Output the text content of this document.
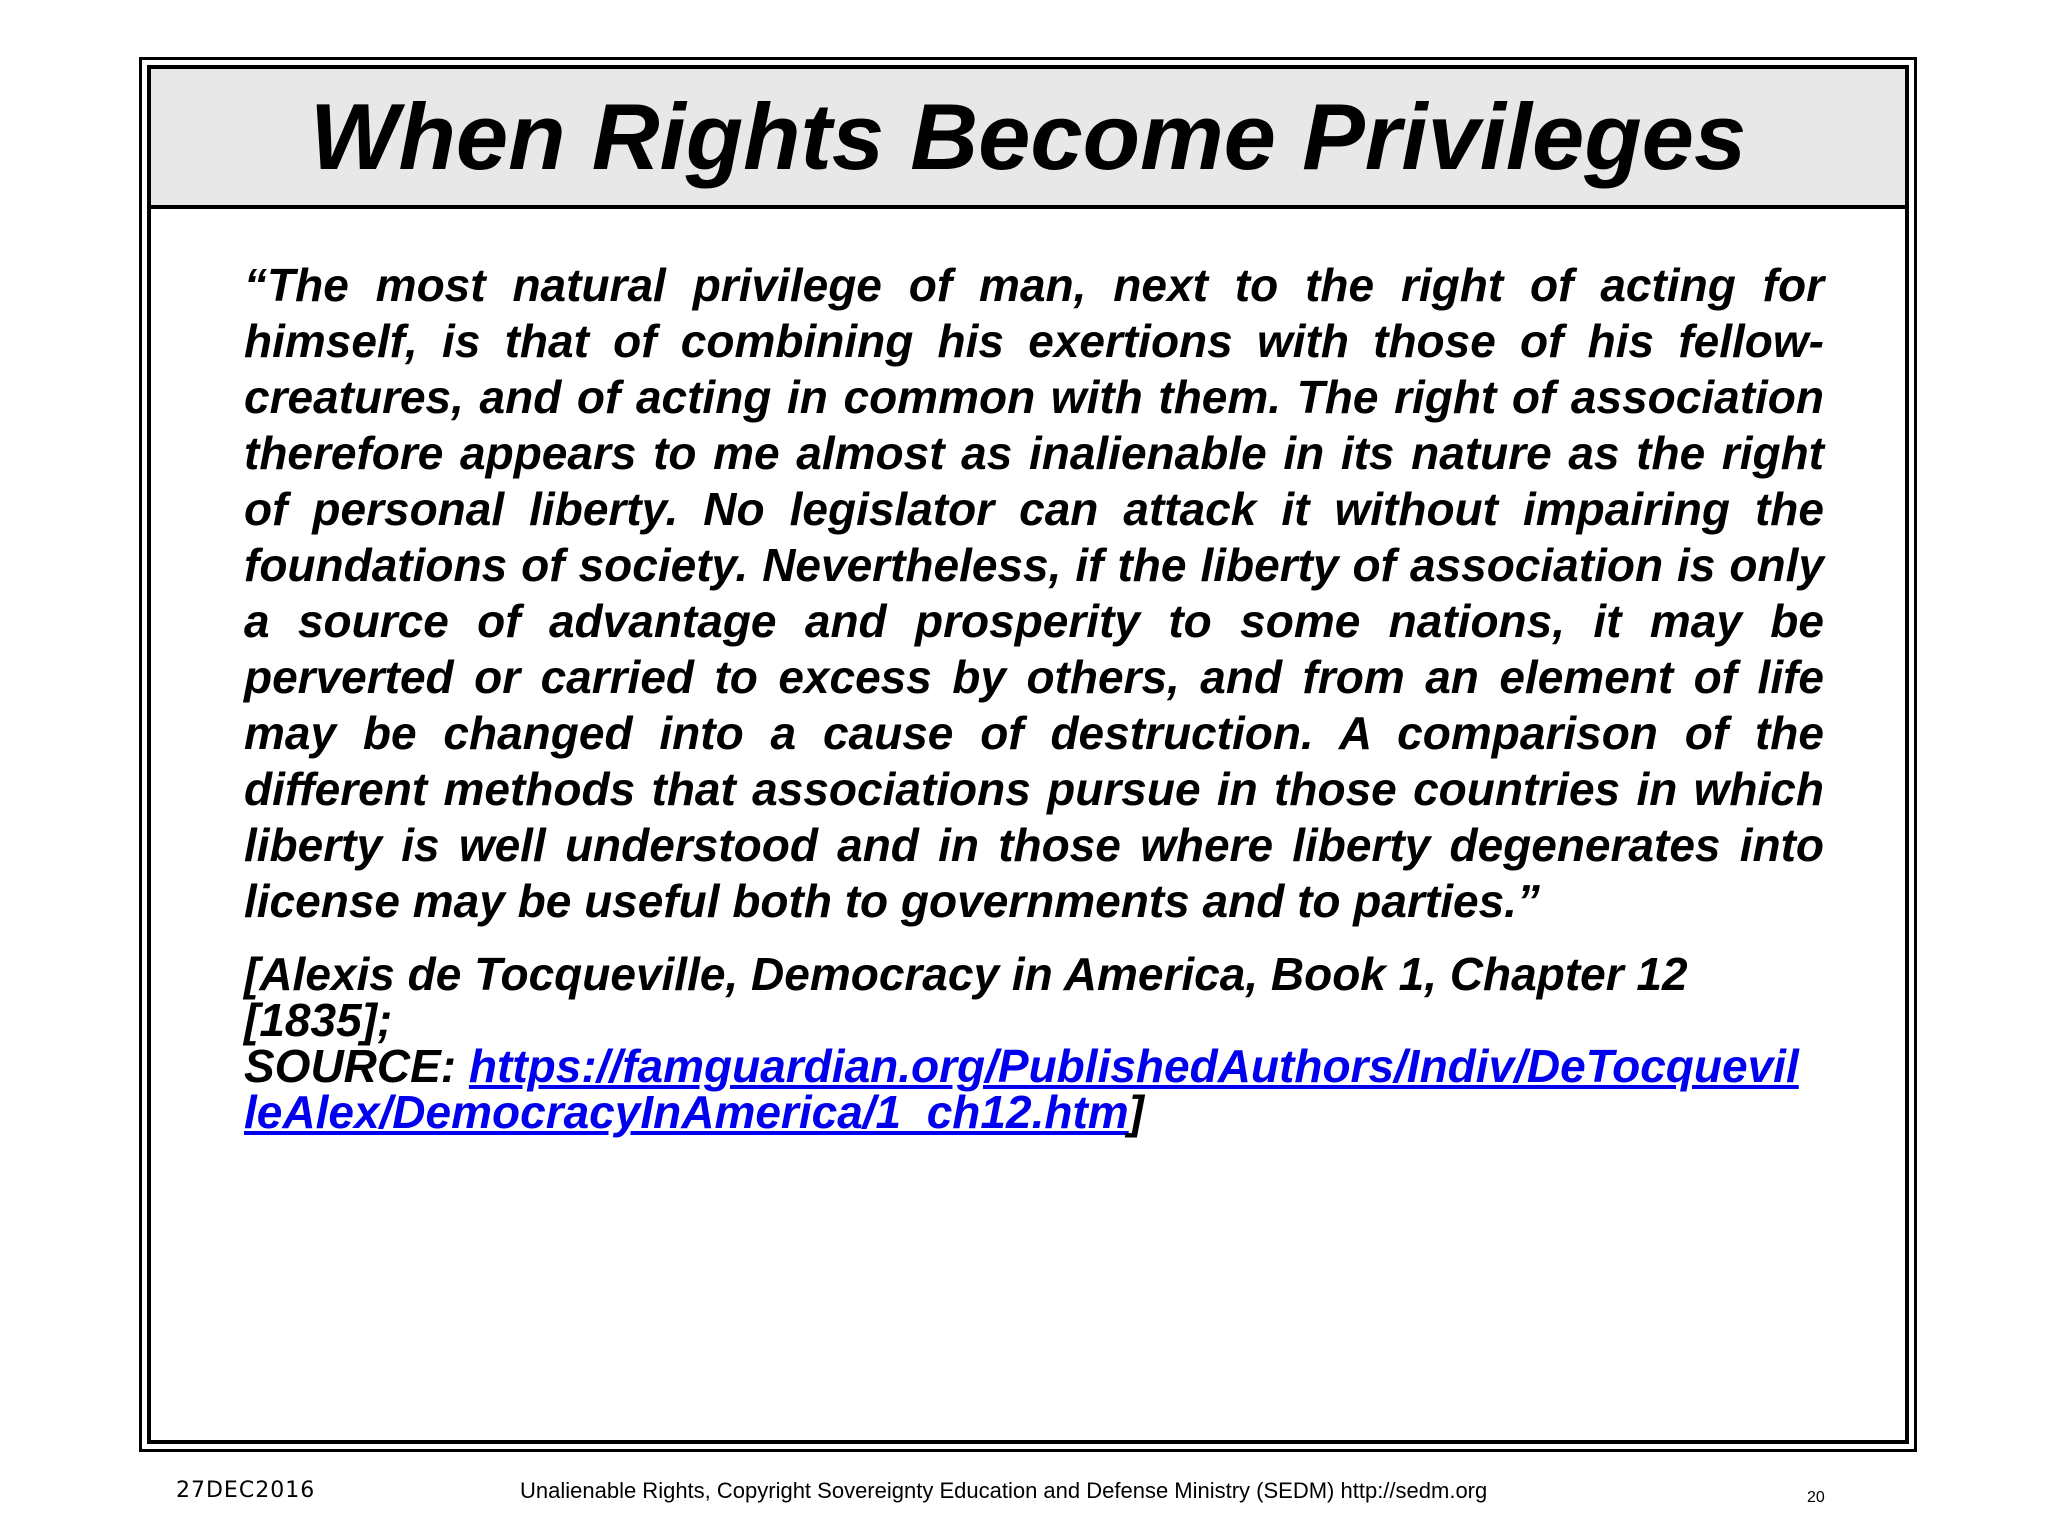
When Rights Become Privileges

“The most natural privilege of man, next to the right of acting for himself, is that of combining his exertions with those of his fellow-creatures, and of acting in common with them. The right of association therefore appears to me almost as inalienable in its nature as the right of personal liberty. No legislator can attack it without impairing the foundations of society. Nevertheless, if the liberty of association is only a source of advantage and prosperity to some nations, it may be perverted or carried to excess by others, and from an element of life may be changed into a cause of destruction. A comparison of the different methods that associations pursue in those countries in which liberty is well understood and in those where liberty degenerates into license may be useful both to governments and to parties.”

[Alexis de Tocqueville, Democracy in America, Book 1, Chapter 12 [1835];
SOURCE: https://famguardian.org/PublishedAuthors/Indiv/DeTocquevilleAlex/DemocracyInAmerica/1_ch12.htm]
27DEC2016	Unalienable Rights, Copyright Sovereignty Education and Defense Ministry (SEDM) http://sedm.org	20
